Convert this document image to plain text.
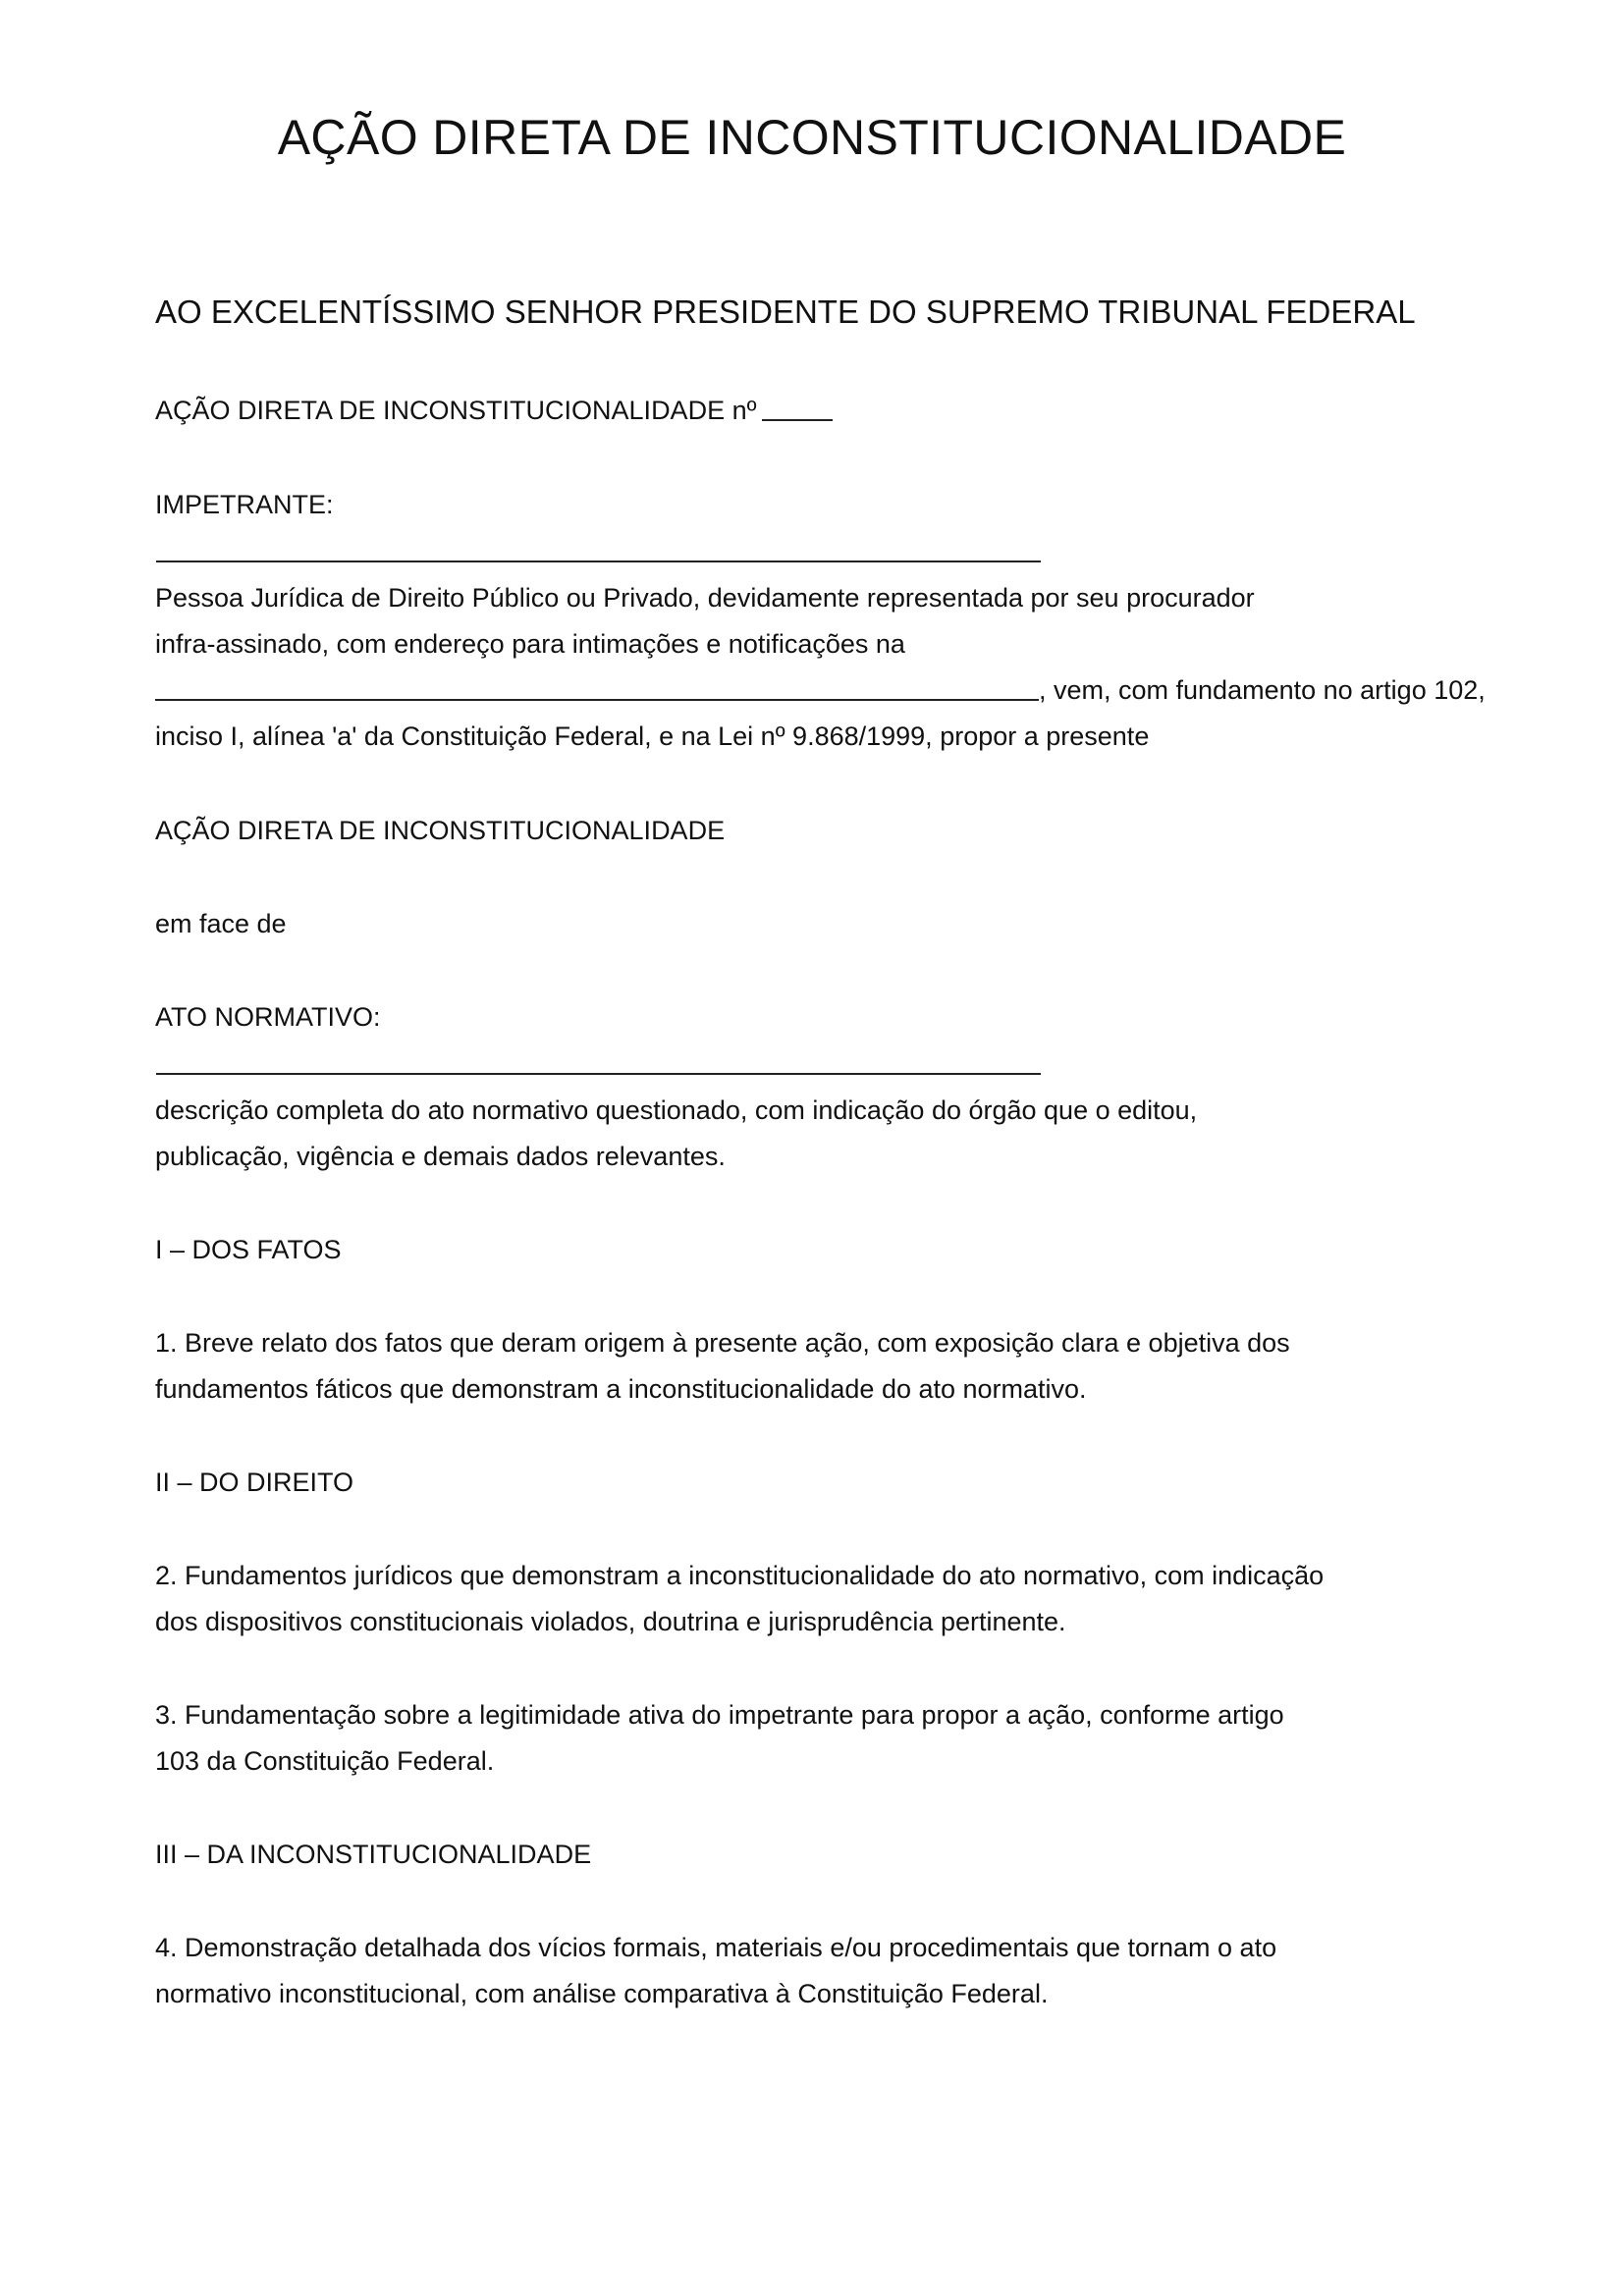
AÇÃO DIRETA DE INCONSTITUCIONALIDADE
AO EXCELENTÍSSIMO SENHOR PRESIDENTE DO SUPREMO TRIBUNAL FEDERAL
AÇÃO DIRETA DE INCONSTITUCIONALIDADE nº
IMPETRANTE:
Pessoa Jurídica de Direito Público ou Privado, devidamente representada por seu procurador
infra-assinado, com endereço para intimações e notificações na
, vem, com fundamento no artigo 102,
inciso I, alínea 'a' da Constituição Federal, e na Lei nº 9.868/1999, propor a presente
AÇÃO DIRETA DE INCONSTITUCIONALIDADE
em face de
ATO NORMATIVO:
descrição completa do ato normativo questionado, com indicação do órgão que o editou,
publicação, vigência e demais dados relevantes.
I – DOS FATOS
1. Breve relato dos fatos que deram origem à presente ação, com exposição clara e objetiva dos
fundamentos fáticos que demonstram a inconstitucionalidade do ato normativo.
II – DO DIREITO
2. Fundamentos jurídicos que demonstram a inconstitucionalidade do ato normativo, com indicação
dos dispositivos constitucionais violados, doutrina e jurisprudência pertinente.
3. Fundamentação sobre a legitimidade ativa do impetrante para propor a ação, conforme artigo
103 da Constituição Federal.
III – DA INCONSTITUCIONALIDADE
4. Demonstração detalhada dos vícios formais, materiais e/ou procedimentais que tornam o ato
normativo inconstitucional, com análise comparativa à Constituição Federal.
